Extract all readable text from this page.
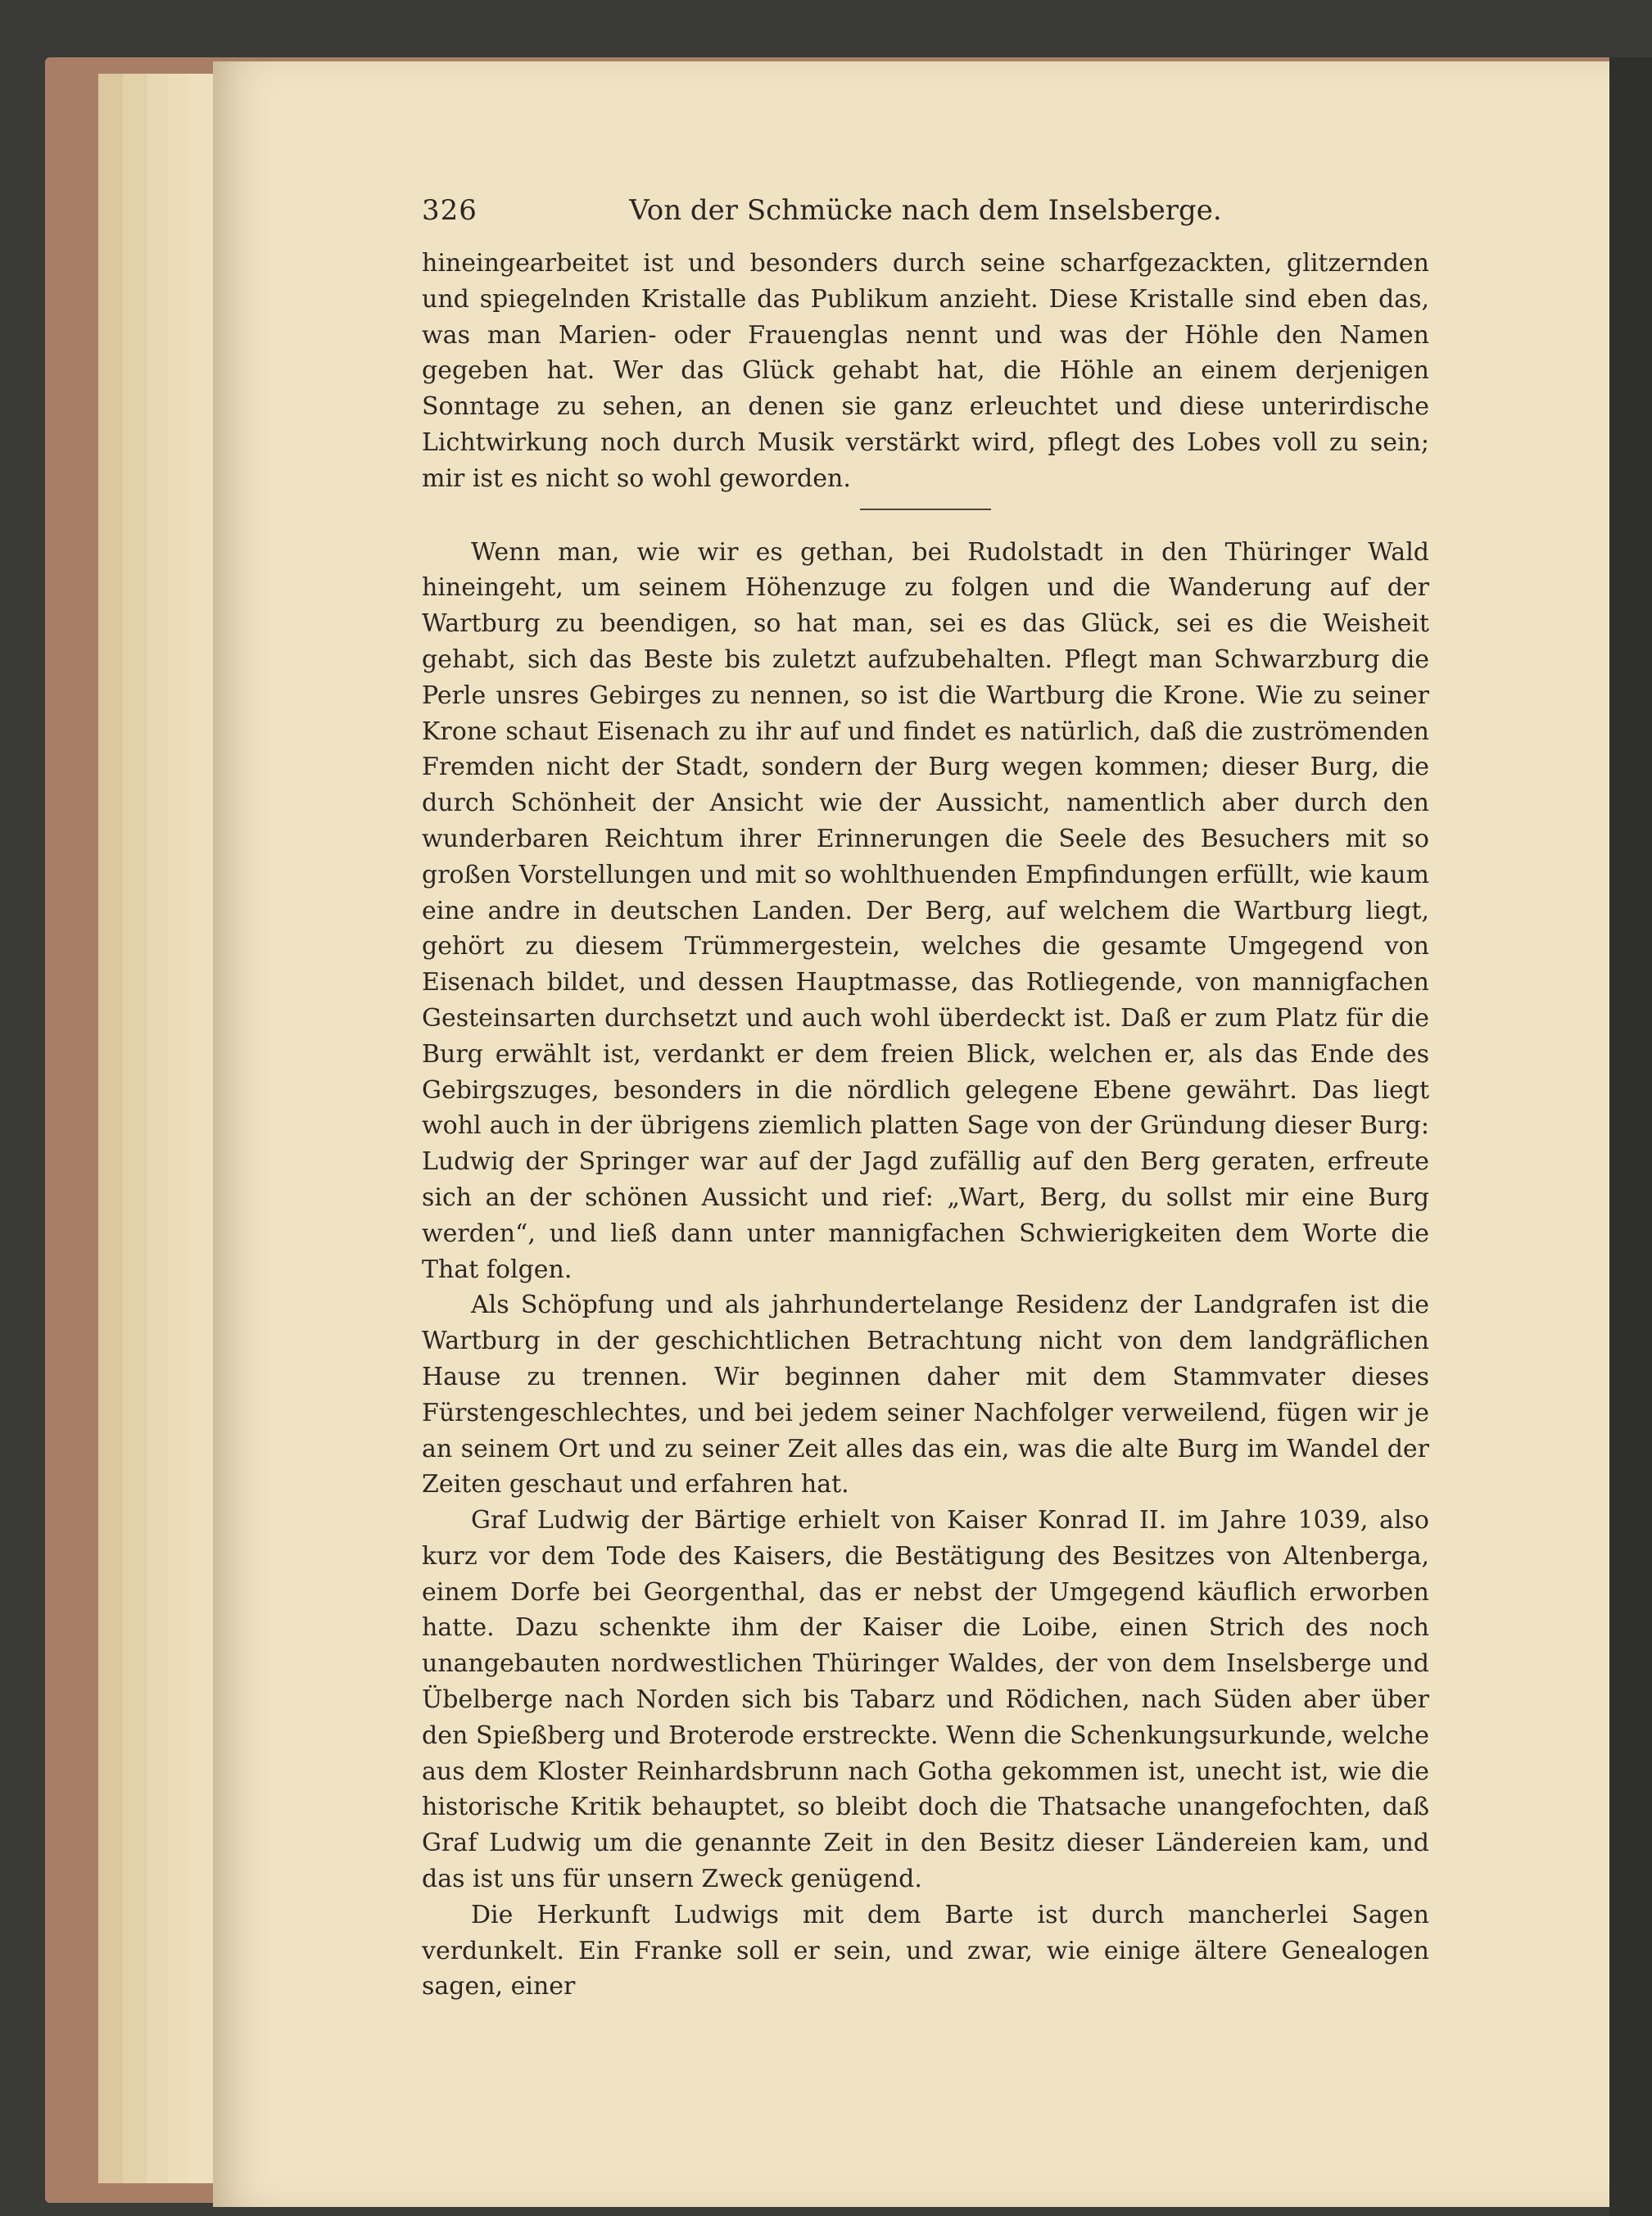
326	Von der Schmücke nach dem Inselsberge.

hineingearbeitet ist und besonders durch seine scharfgezackten, glitzernden und spiegelnden Kristalle das Publikum anzieht. Diese Kristalle sind eben das, was man Marien- oder Frauenglas nennt und was der Höhle den Namen gegeben hat. Wer das Glück gehabt hat, die Höhle an einem derjenigen Sonntage zu sehen, an denen sie ganz erleuchtet und diese unterirdische Lichtwirkung noch durch Musik verstärkt wird, pflegt des Lobes voll zu sein; mir ist es nicht so wohl geworden.

Wenn man, wie wir es gethan, bei Rudolstadt in den Thüringer Wald hineingeht, um seinem Höhenzuge zu folgen und die Wanderung auf der Wartburg zu beendigen, so hat man, sei es das Glück, sei es die Weisheit gehabt, sich das Beste bis zuletzt aufzubehalten. Pflegt man Schwarzburg die Perle unsres Gebirges zu nennen, so ist die Wartburg die Krone. Wie zu seiner Krone schaut Eisenach zu ihr auf und findet es natürlich, daß die zuströmenden Fremden nicht der Stadt, sondern der Burg wegen kommen; dieser Burg, die durch Schönheit der Ansicht wie der Aussicht, namentlich aber durch den wunderbaren Reichtum ihrer Erinnerungen die Seele des Besuchers mit so großen Vorstellungen und mit so wohlthuenden Empfindungen erfüllt, wie kaum eine andre in deutschen Landen. Der Berg, auf welchem die Wartburg liegt, gehört zu diesem Trümmergestein, welches die gesamte Umgegend von Eisenach bildet, und dessen Hauptmasse, das Rotliegende, von mannigfachen Gesteinsarten durchsetzt und auch wohl überdeckt ist. Daß er zum Platz für die Burg erwählt ist, verdankt er dem freien Blick, welchen er, als das Ende des Gebirgszuges, besonders in die nördlich gelegene Ebene gewährt. Das liegt wohl auch in der übrigens ziemlich platten Sage von der Gründung dieser Burg: Ludwig der Springer war auf der Jagd zufällig auf den Berg geraten, erfreute sich an der schönen Aussicht und rief: „Wart, Berg, du sollst mir eine Burg werden“, und ließ dann unter mannigfachen Schwierigkeiten dem Worte die That folgen.

Als Schöpfung und als jahrhundertelange Residenz der Landgrafen ist die Wartburg in der geschichtlichen Betrachtung nicht von dem landgräflichen Hause zu trennen. Wir beginnen daher mit dem Stammvater dieses Fürstengeschlechtes, und bei jedem seiner Nachfolger verweilend, fügen wir je an seinem Ort und zu seiner Zeit alles das ein, was die alte Burg im Wandel der Zeiten geschaut und erfahren hat.

Graf Ludwig der Bärtige erhielt von Kaiser Konrad II. im Jahre 1039, also kurz vor dem Tode des Kaisers, die Bestätigung des Besitzes von Altenberga, einem Dorfe bei Georgenthal, das er nebst der Umgegend käuflich erworben hatte. Dazu schenkte ihm der Kaiser die Loibe, einen Strich des noch unangebauten nordwestlichen Thüringer Waldes, der von dem Inselsberge und Übelberge nach Norden sich bis Tabarz und Rödichen, nach Süden aber über den Spießberg und Broterode erstreckte. Wenn die Schenkungsurkunde, welche aus dem Kloster Reinhardsbrunn nach Gotha gekommen ist, unecht ist, wie die historische Kritik behauptet, so bleibt doch die Thatsache unangefochten, daß Graf Ludwig um die genannte Zeit in den Besitz dieser Ländereien kam, und das ist uns für unsern Zweck genügend.

Die Herkunft Ludwigs mit dem Barte ist durch mancherlei Sagen verdunkelt. Ein Franke soll er sein, und zwar, wie einige ältere Genealogen sagen, einer
